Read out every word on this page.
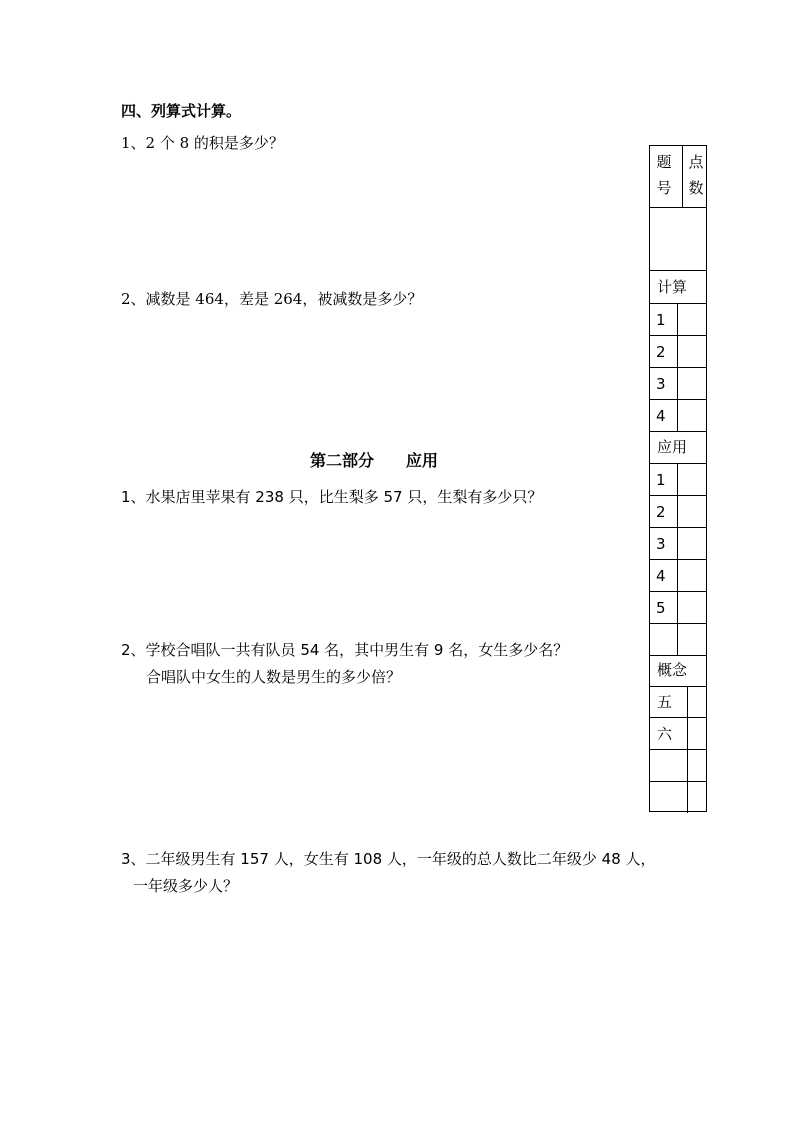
四、列算式计算。
1、2 个 8 的积是多少？
2、减数是 464，差是 264，被减数是多少？
第二部分　　应用
1、水果店里苹果有 238 只，比生梨多 57 只，生梨有多少只？
2、学校合唱队一共有队员 54 名，其中男生有 9 名，女生多少名？
合唱队中女生的人数是男生的多少倍？
3、二年级男生有 157 人，女生有 108 人，一年级的总人数比二年级少 48 人，
一年级多少人？
题
号
点
数
计算
1
2
3
4
应用
1
2
3
4
5
概念
五
六
